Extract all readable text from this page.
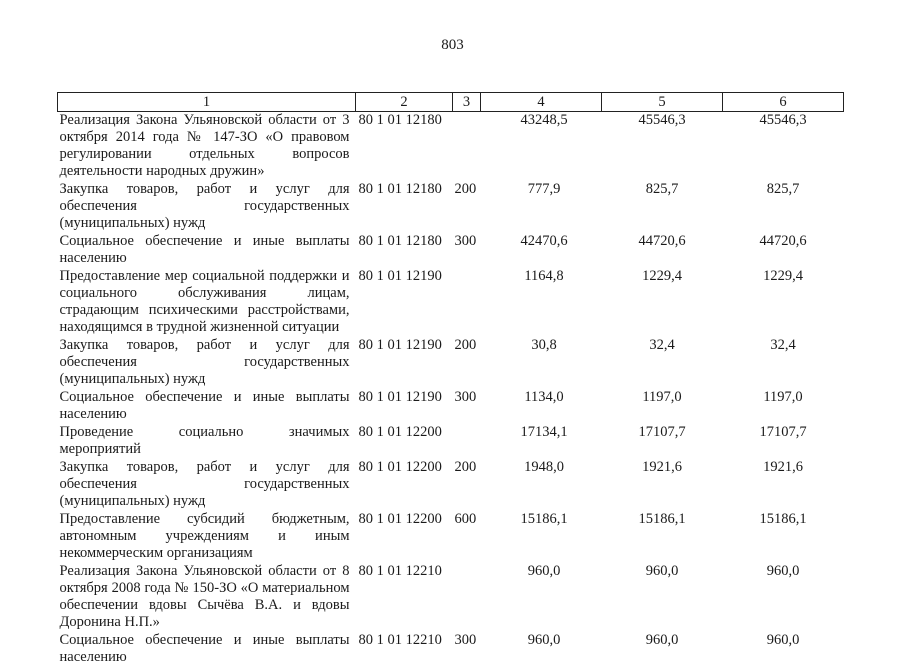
803
1	2	3	4	5	6
Реализация Закона Ульяновской области от 3 октября 2014 года № 147-ЗО «О правовом регулировании отдельных вопросов деятельности народных дружин»	80 1 01 12180		43248,5	45546,3	45546,3
Закупка товаров, работ и услуг для обеспечения государственных (муниципальных) нужд	80 1 01 12180	200	777,9	825,7	825,7
Социальное обеспечение и иные выплаты населению	80 1 01 12180	300	42470,6	44720,6	44720,6
Предоставление мер социальной поддержки и социального обслуживания лицам, страдающим психическими расстройствами, находящимся в трудной жизненной ситуации	80 1 01 12190		1164,8	1229,4	1229,4
Закупка товаров, работ и услуг для обеспечения государственных (муниципальных) нужд	80 1 01 12190	200	30,8	32,4	32,4
Социальное обеспечение и иные выплаты населению	80 1 01 12190	300	1134,0	1197,0	1197,0
Проведение социально значимых мероприятий	80 1 01 12200		17134,1	17107,7	17107,7
Закупка товаров, работ и услуг для обеспечения государственных (муниципальных) нужд	80 1 01 12200	200	1948,0	1921,6	1921,6
Предоставление субсидий бюджетным, автономным учреждениям и иным некоммерческим организациям	80 1 01 12200	600	15186,1	15186,1	15186,1
Реализация Закона Ульяновской области от 8 октября 2008 года № 150-ЗО «О материальном обеспечении вдовы Сычёва В.А. и вдовы Доронина Н.П.»	80 1 01 12210		960,0	960,0	960,0
Социальное обеспечение и иные выплаты населению	80 1 01 12210	300	960,0	960,0	960,0
